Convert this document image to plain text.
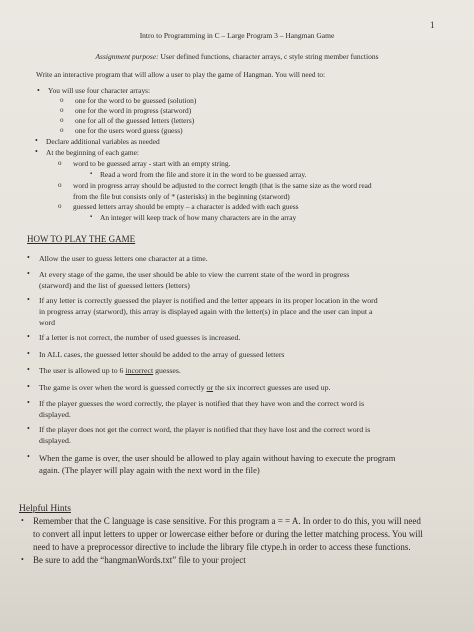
1
Intro to Programming in C – Large Program 3 – Hangman Game
Assignment purpose: User defined functions, character arrays, c style string member functions
Write an interactive program that will allow a user to play the game of Hangman. You will need to:
• You will use four character arrays:
o one for the word to be guessed (solution)
o one for the word in progress (starword)
o one for all of the guessed letters (letters)
o one for the users word guess (guess)
• Declare additional variables as needed
• At the beginning of each game:
o word to be guessed array - start with an empty string.
▪ Read a word from the file and store it in the word to be guessed array.
o word in progress array should be adjusted to the correct length (that is the same size as the word read
from the file but consists only of * (asterisks) in the beginning (starword)
o guessed letters array should be empty – a character is added with each guess
▪ An integer will keep track of how many characters are in the array
HOW TO PLAY THE GAME
• Allow the user to guess letters one character at a time.
• At every stage of the game, the user should be able to view the current state of the word in progress
(starword) and the list of guessed letters (letters)
• If any letter is correctly guessed the player is notified and the letter appears in its proper location in the word
in progress array (starword), this array is displayed again with the letter(s) in place and the user can input a
word
• If a letter is not correct, the number of used guesses is increased.
• In ALL cases, the guessed letter should be added to the array of guessed letters
• The user is allowed up to 6 incorrect guesses.
• The game is over when the word is guessed correctly or the six incorrect guesses are used up.
• If the player guesses the word correctly, the player is notified that they have won and the correct word is
displayed.
• If the player does not get the correct word, the player is notified that they have lost and the correct word is
displayed.
• When the game is over, the user should be allowed to play again without having to execute the program
again. (The player will play again with the next word in the file)
Helpful Hints
• Remember that the C language is case sensitive. For this program a = = A. In order to do this, you will need
to convert all input letters to upper or lowercase either before or during the letter matching process. You will
need to have a preprocessor directive to include the library file ctype.h in order to access these functions.
• Be sure to add the “hangmanWords.txt” file to your project
